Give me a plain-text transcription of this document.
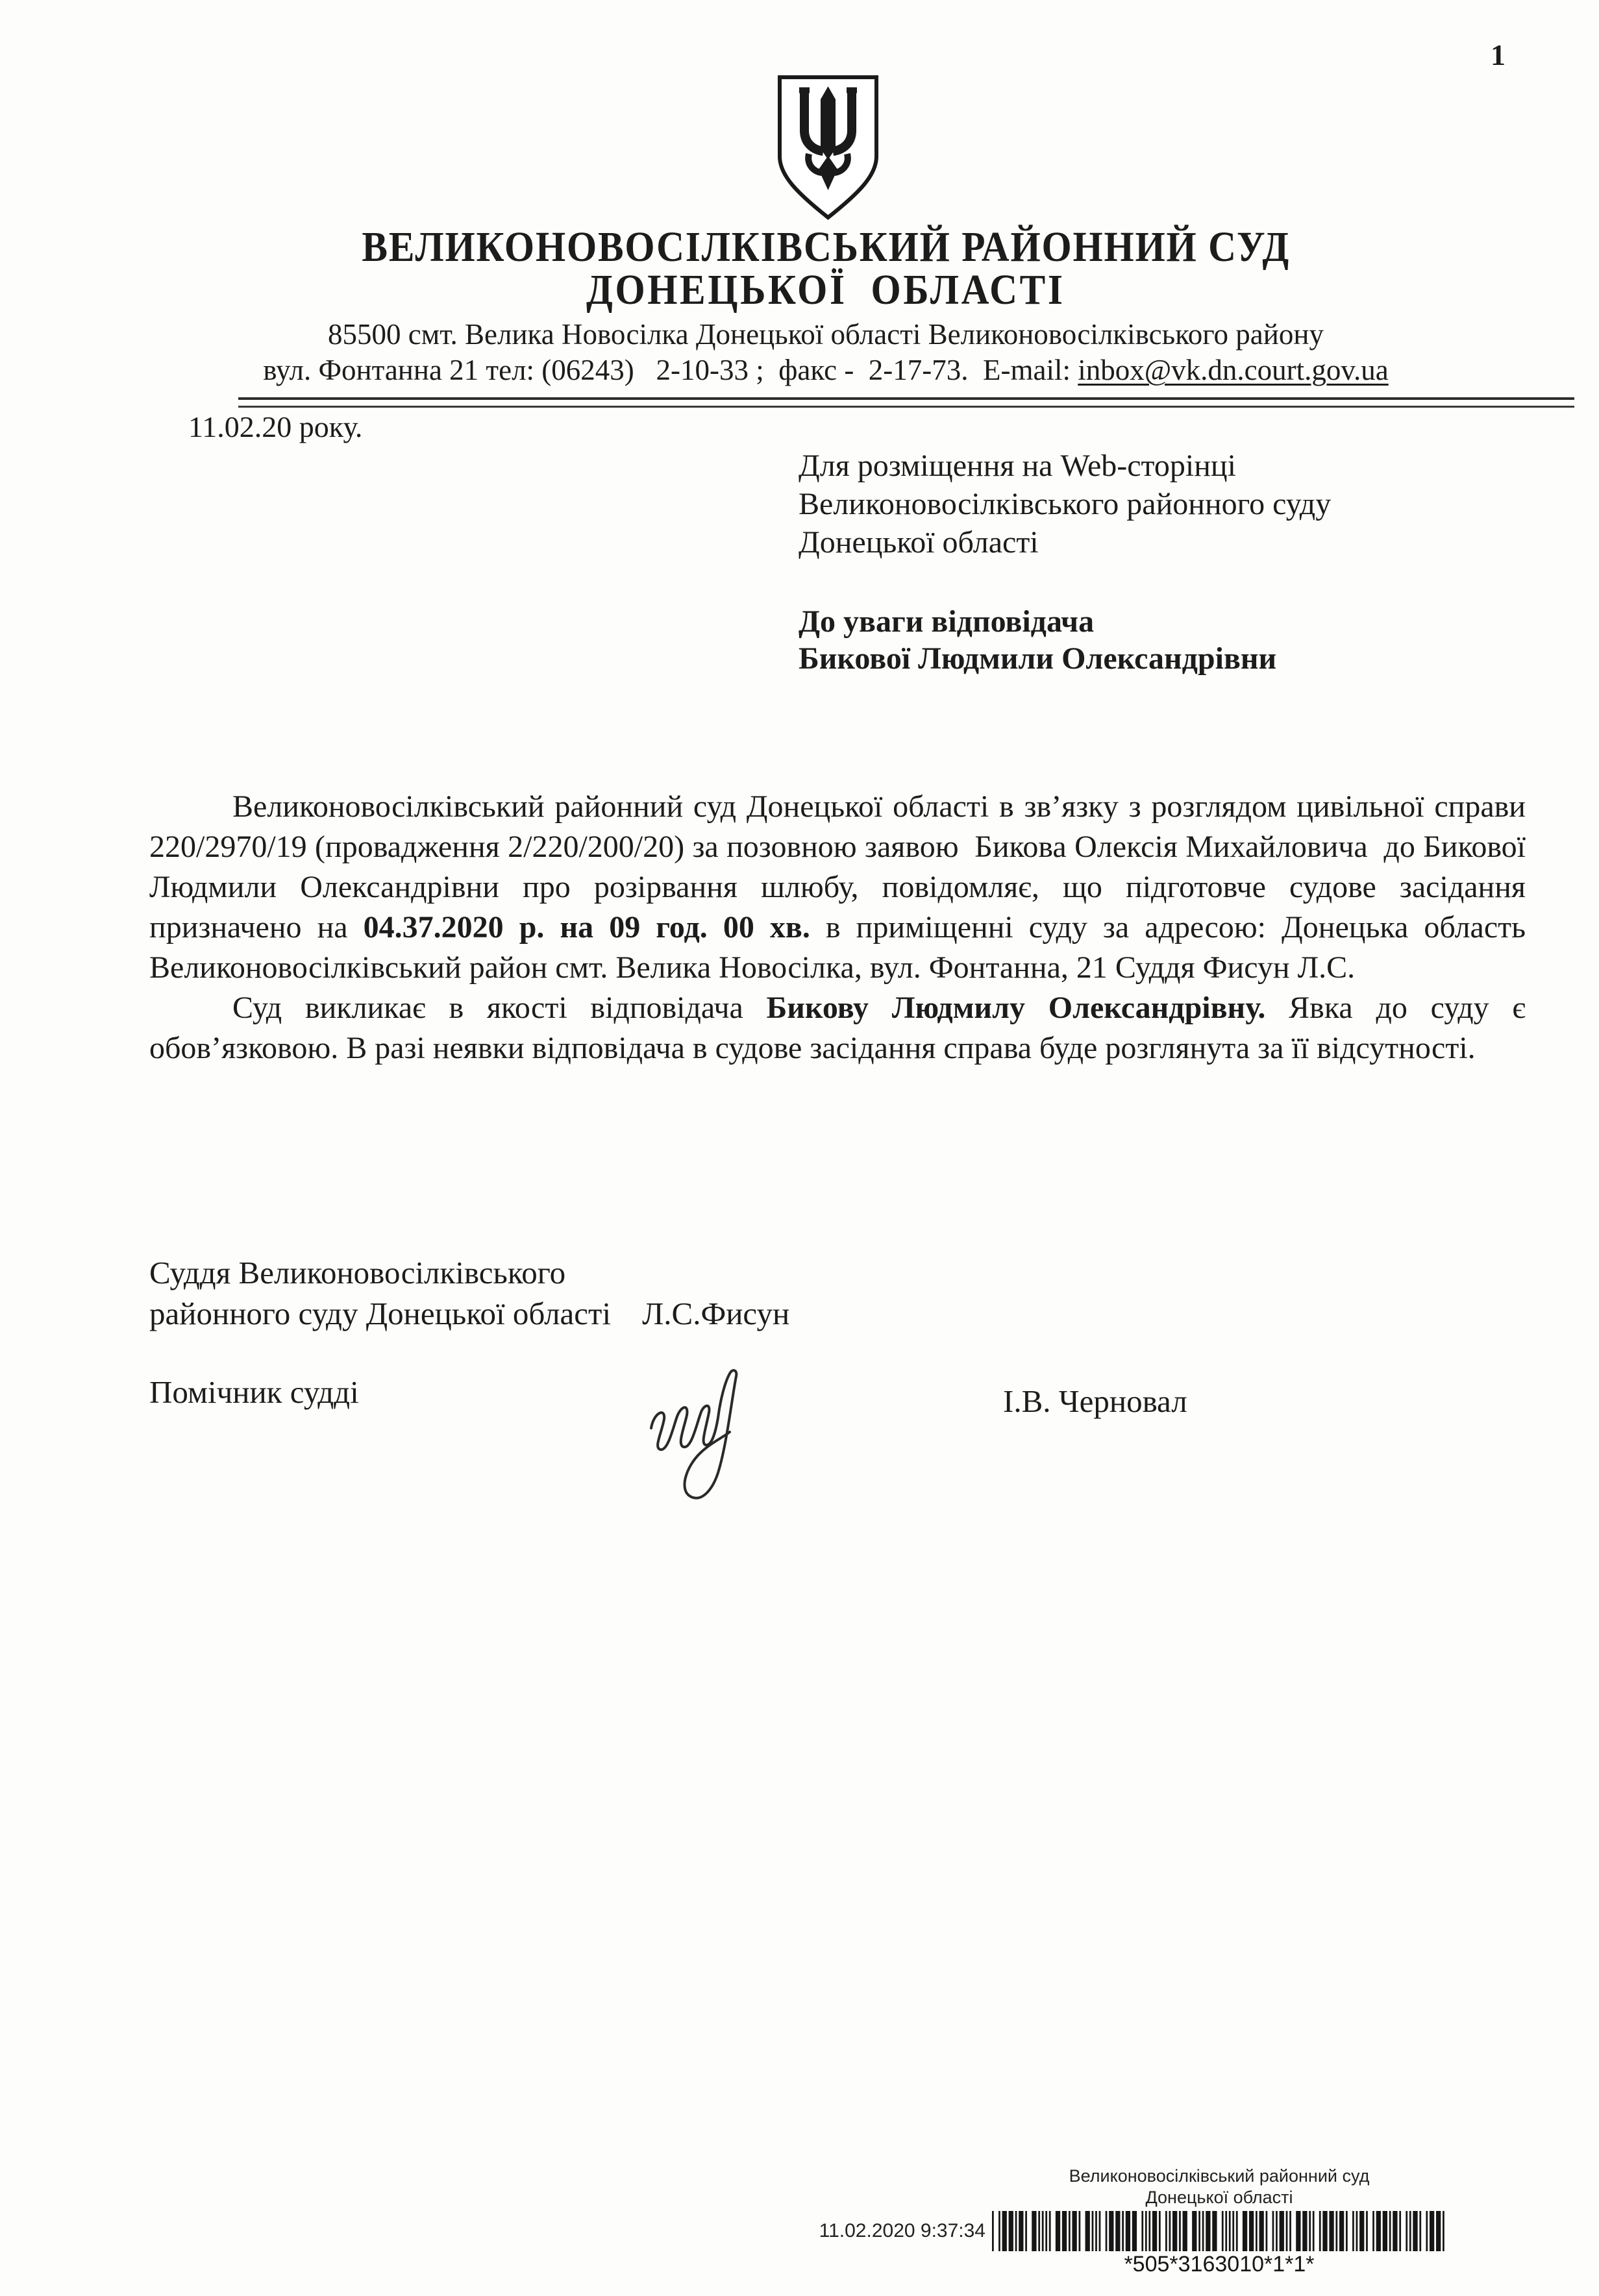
1
ВЕЛИКОНОВОСІЛКІВСЬКИЙ РАЙОННИЙ СУД
ДОНЕЦЬКОЇ  ОБЛАСТІ
85500 смт. Велика Новосілка Донецької області Великоновосілківського району
вул. Фонтанна 21 тел: (06243)   2-10-33 ;  факс -  2-17-73.  E-mail: inbox@vk.dn.court.gov.ua
11.02.20 року.
Для розміщення на Web-сторінці
Великоновосілківського районного суду
Донецької області
До уваги відповідача
Бикової Людмили Олександрівни

Великоновосілківський районний суд Донецької області в зв’язку з розглядом цивільної справи 220/2970/19 (провадження 2/220/200/20) за позовною заявою  Бикова Олексія Михайловича  до Бикової Людмили Олександрівни про розірвання шлюбу, повідомляє, що підготовче судове засідання призначено на 04.37.2020 р. на 09 год. 00 хв. в приміщенні суду за адресою: Донецька область Великоновосілківський район смт. Велика Новосілка, вул. Фонтанна, 21 Суддя Фисун Л.С.

Суд викликає в якості відповідача Бикову Людмилу Олександрівну. Явка до суду є обов’язковою. В разі неявки відповідача в судове засідання справа буде розглянута за її відсутності.

Суддя Великоновосілківського
районного суду Донецької області Л.С.Фисун
Помічник судді	І.В. Черновал
Великоновосілківський районний суд
Донецької області
*505*3163010*1*1*
11.02.2020 9:37:34
